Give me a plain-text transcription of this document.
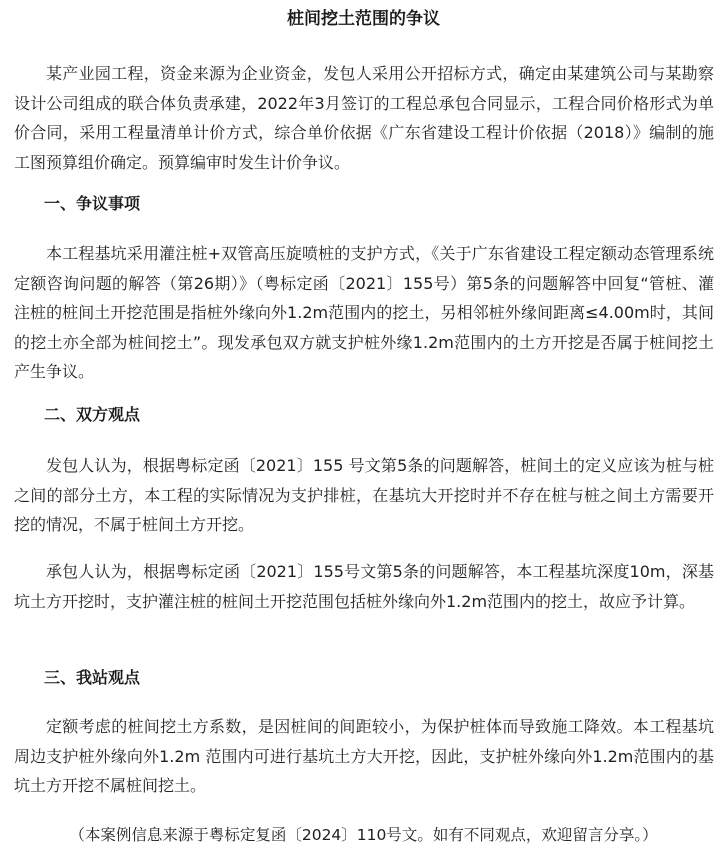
桩间挖土范围的争议
某产业园工程，资金来源为企业资金，发包人采用公开招标方式，确定由某建筑公司与某勘察设计公司组成的联合体负责承建，2022年3月签订的工程总承包合同显示，工程合同价格形式为单价合同，采用工程量清单计价方式，综合单价依据《广东省建设工程计价依据（2018）》编制的施工图预算组价确定。预算编审时发生计价争议。
一、争议事项
本工程基坑采用灌注桩+双管高压旋喷桩的支护方式，《关于广东省建设工程定额动态管理系统定额咨询问题的解答（第26期）》（粤标定函〔2021〕155号）第5条的问题解答中回复“管桩、灌注桩的桩间土开挖范围是指桩外缘向外1.2m范围内的挖土，另相邻桩外缘间距离≤4.00m时，其间的挖土亦全部为桩间挖土”。现发承包双方就支护桩外缘1.2m范围内的土方开挖是否属于桩间挖土产生争议。
二、双方观点
发包人认为，根据粤标定函〔2021〕155 号文第5条的问题解答，桩间土的定义应该为桩与桩之间的部分土方，本工程的实际情况为支护排桩，在基坑大开挖时并不存在桩与桩之间土方需要开挖的情况，不属于桩间土方开挖。
承包人认为，根据粤标定函〔2021〕155号文第5条的问题解答，本工程基坑深度10m，深基坑土方开挖时，支护灌注桩的桩间土开挖范围包括桩外缘向外1.2m范围内的挖土，故应予计算。
三、我站观点
定额考虑的桩间挖土方系数，是因桩间的间距较小，为保护桩体而导致施工降效。本工程基坑周边支护桩外缘向外1.2m 范围内可进行基坑土方大开挖，因此，支护桩外缘向外1.2m范围内的基坑土方开挖不属桩间挖土。
（本案例信息来源于粤标定复函〔2024〕110号文。如有不同观点，欢迎留言分享。）
